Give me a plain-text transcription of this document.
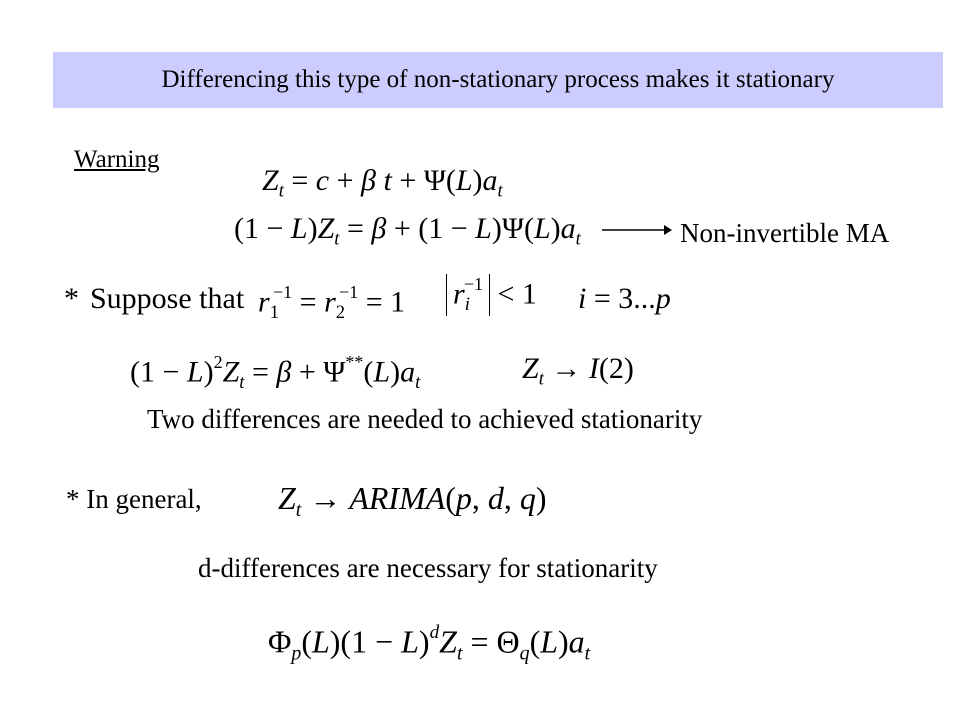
Differencing this type of non-stationary process makes it stationary
Warning
$Z_t = c + \beta$ $t + \Psi(L)a_t$
$(1 - L)Z_t = \beta + (1 - L)\Psi(L)a_t$	Non-invertible MA
* Suppose that $r_1^{-1} = r_2^{-1} = 1$ $r_i^{-1} < 1$ i = 3...p
$(1 - L)^2Z_t = \beta + \Psi^{**}(L)a_t$	$Z_t \to I(2)$
Two differences are needed to achieved stationarity
* In general, $Z_t$ → ARIMA(p, d, q)
d-differences are necessary for stationarity
$\Phi_p(L)(1 - L)^dZ_t = \Theta_q(L)a_t$
